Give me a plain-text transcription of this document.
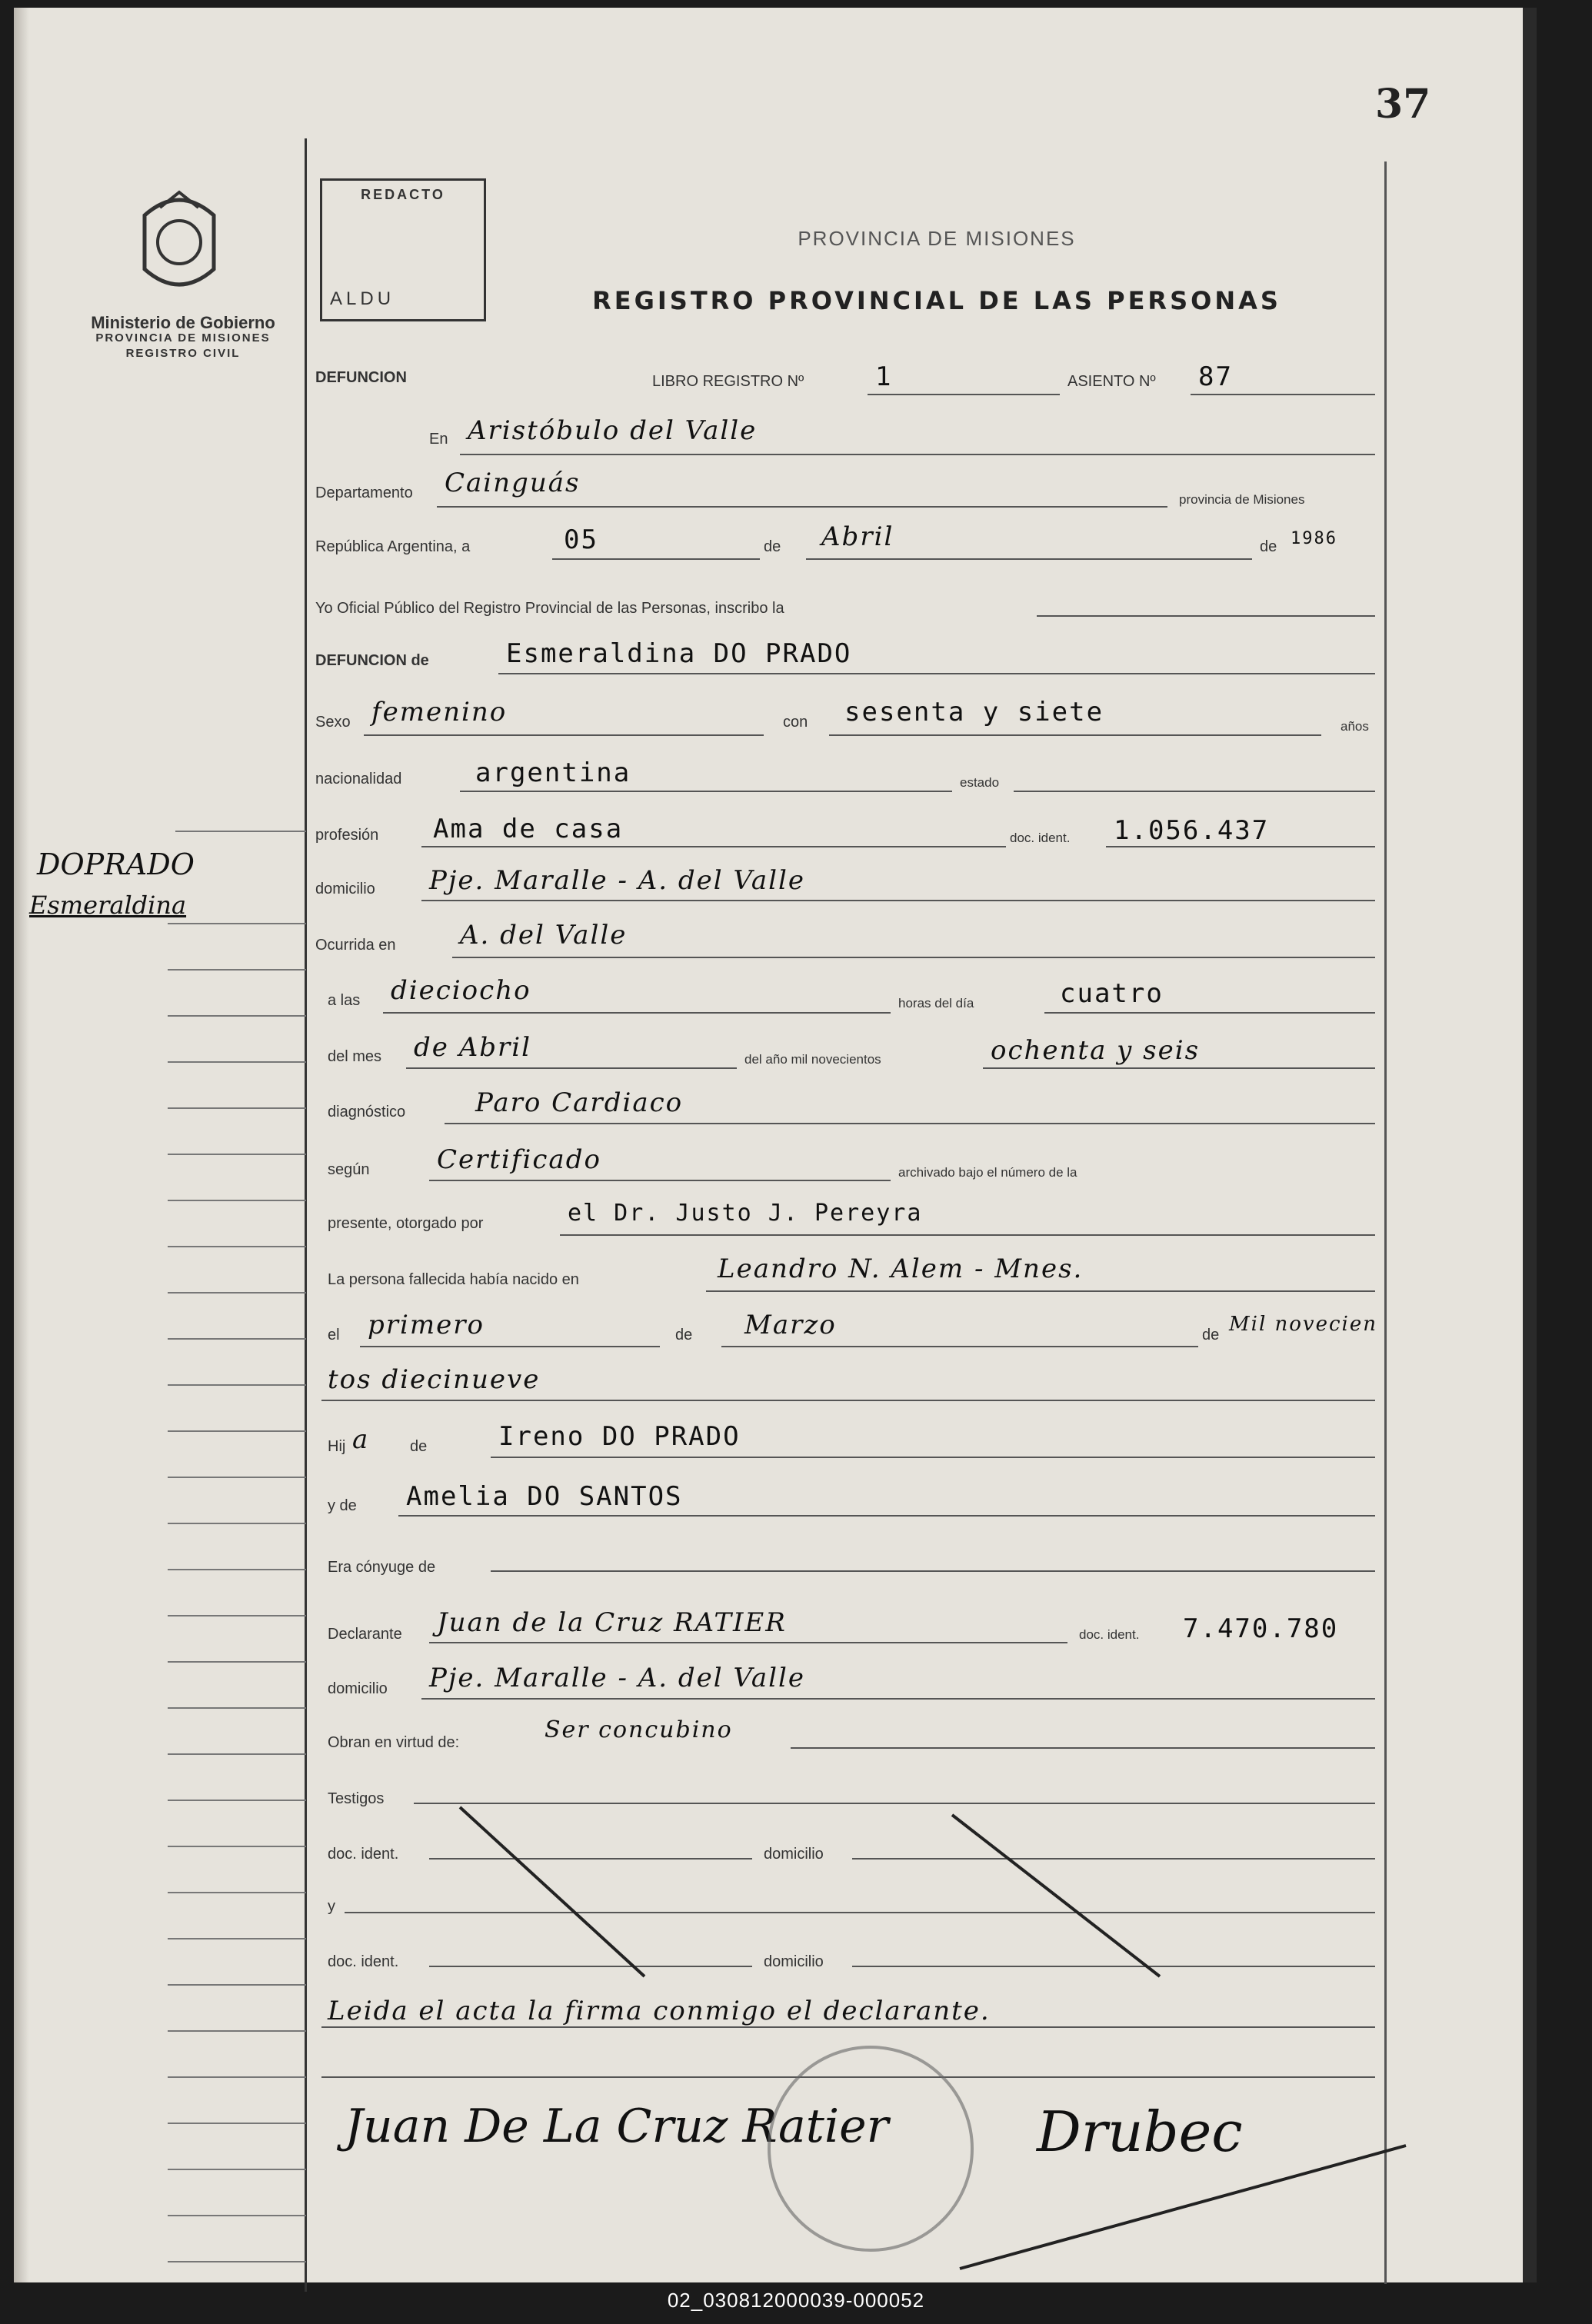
37
DOPRADO
Esmeraldina
Ministerio de Gobierno
PROVINCIA DE MISIONES
REGISTRO CIVIL
REDACTO
ALDU
PROVINCIA DE MISIONES
REGISTRO PROVINCIAL DE LAS PERSONAS
DEFUNCION	LIBRO REGISTRO Nº	1	ASIENTO Nº 87
En Aristóbulo del Valle
Departamento Cainguás
provincia de Misiones
República Argentina, a	05	de Abril	de 1986
Yo Oficial Público del Registro Provincial de las Personas, inscribo la
DEFUNCION de	Esmeraldina DO PRADO
Sexo femenino	con sesenta y siete	años
nacionalidad	argentina	estado
profesión Ama de casa	doc. ident. 1.056.437
domicilio Pje. Maralle - A. del Valle
Ocurrida en A. del Valle
a las dieciocho	horas del día	cuatro
del mes de Abril	del año mil novecientos	ochenta y seis
diagnóstico	Paro Cardiaco
según	Certificado	archivado bajo el número de la
presente, otorgado por	el Dr. Justo J. Pereyra
La persona fallecida había nacido en	Leandro N. Alem - Mnes.
el primero	de Marzo	de Mil novecien
tos diecinueve
Hij a	de	Ireno DO PRADO
y de Amelia DO SANTOS
Era cónyuge de
Declarante Juan de la Cruz RATIER	doc. ident. 7.470.780
domicilio Pje. Maralle - A. del Valle
Obran en virtud de:	Ser concubino
Testigos
doc. ident.	domicilio
y
doc. ident.	domicilio
Leida el acta la firma conmigo el declarante.
Juan De La Cruz Ratier	Drubec
02_030812000039-000052
